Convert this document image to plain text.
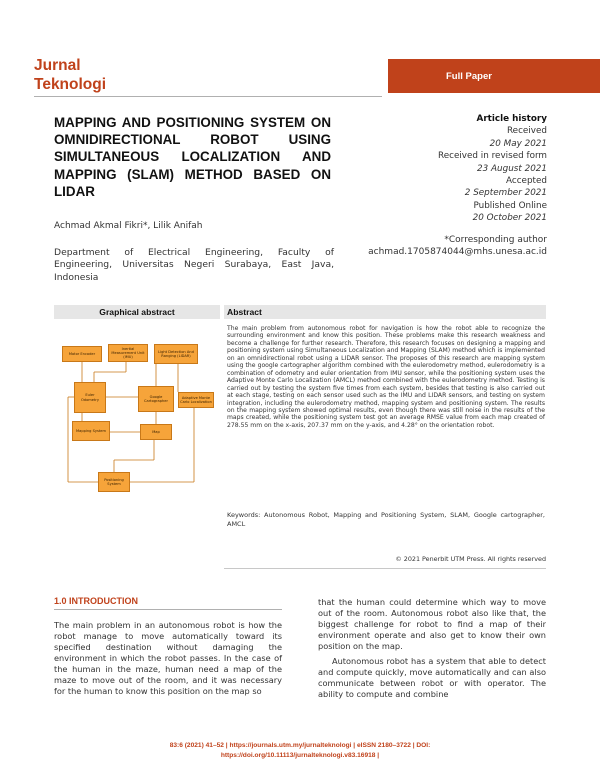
Jurnal
Teknologi	Full Paper
MAPPING AND POSITIONING SYSTEM ON OMNIDIRECTIONAL ROBOT USING SIMULTANEOUS LOCALIZATION AND MAPPING (SLAM) METHOD BASED ON LIDAR
Achmad Akmal Fikri*, Lilik Anifah
Department of Electrical Engineering, Faculty of Engineering, Universitas Negeri Surabaya, East Java, Indonesia
Article history
Received
20 May 2021
Received in revised form
23 August 2021
Accepted
2 September 2021
Published Online
20 October 2021
*Corresponding author
achmad.1705874044@mhs.unesa.ac.id
Graphical abstract
Motor Encoder
Inertial Measurement Unit (IMU)
Light Detection And Ranging (LIDAR)
Euler Odometry
Google Cartographer
Adaptive Monte Carlo Localization
Mapping System	Map
Positioning System
Abstract
The main problem from autonomous robot for navigation is how the robot able to recognize the surrounding environment and know this position. These problems make this research weakness and become a challenge for further research. Therefore, this research focuses on designing a mapping and positioning system using Simultaneous Localization and Mapping (SLAM) method which is implemented on an omnidirectional robot using a LIDAR sensor. The proposes of this research are mapping system using the google cartographer algorithm combined with the eulerodometry method, eulerodometry is a combination of odometry and euler orientation from IMU sensor, while the positioning system uses the Adaptive Monte Carlo Localization (AMCL) method combined with the eulerodometry method. Testing is carried out by testing the system five times from each system, besides that testing is also carried out at each stage, testing on each sensor used such as the IMU and LIDAR sensors, and testing on system integration, including the eulerodometry method, mapping system and positioning system. The results on the mapping system showed optimal results, even though there was still noise in the results of the maps created, while the positioning system test got an average RMSE value from each map created of 278.55 mm on the x-axis, 207.37 mm on the y-axis, and 4.28° on the orientation robot.
Keywords: Autonomous Robot, Mapping and Positioning System, SLAM, Google cartographer, AMCL
© 2021 Penerbit UTM Press. All rights reserved
1.0 INTRODUCTION

The main problem in an autonomous robot is how the robot manage to move automatically toward its specified destination without damaging the environment in which the robot passes. In the case of the human in the maze, human need a map of the maze to move out of the room, and it was necessary for the human to know this position on the map so

that the human could determine which way to move out of the room. Autonomous robot also like that, the biggest challenge for robot to find a map of their environment operate and also get to know their own position on the map.

Autonomous robot has a system that able to detect and compute quickly, move automatically and can also communicate between robot or with operator. The ability to compute and combine

83:6 (2021) 41–52 | https://journals.utm.my/jurnalteknologi | eISSN 2180–3722 | DOI:
https://doi.org/10.11113/jurnalteknologi.v83.16918 |
